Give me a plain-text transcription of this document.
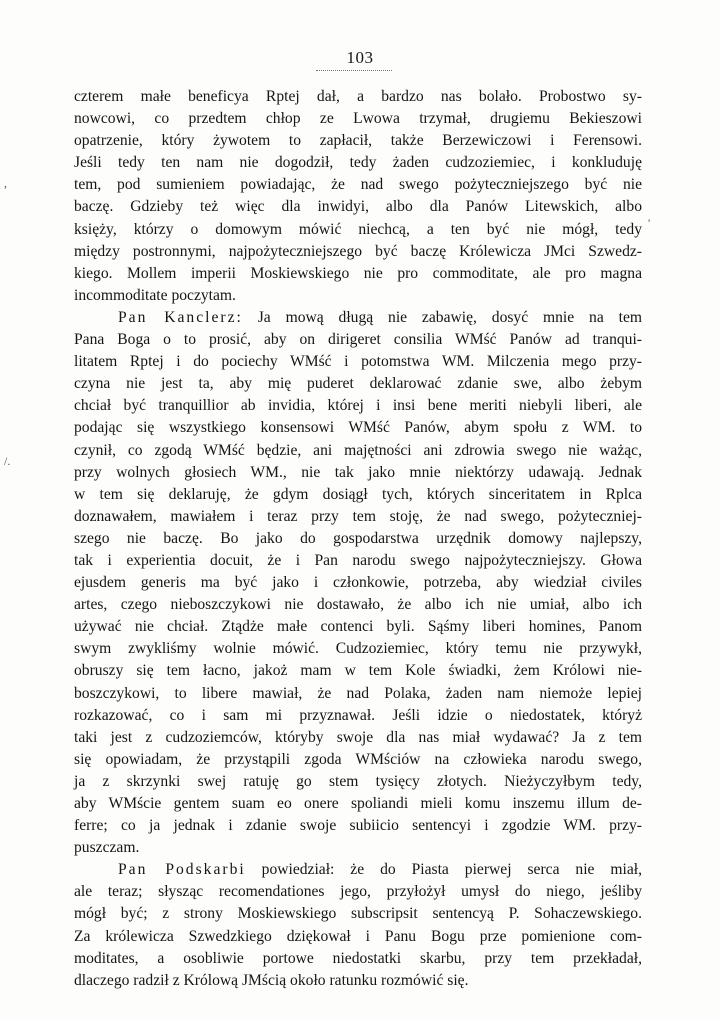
103
,
/.
'
czterem małe beneficya Rptej dał, a bardzo nas bolało. Probostwo sy-
nowcowi, co przedtem chłop ze Lwowa trzymał, drugiemu Bekieszowi
opatrzenie, który żywotem to zapłacił, także Berzewiczowi i Ferensowi.
Jeśli tedy ten nam nie dogodził, tedy żaden cudzoziemiec, i konkluduję
tem, pod sumieniem powiadając, że nad swego pożyteczniejszego być nie
baczę. Gdzieby też więc dla inwidyi, albo dla Panów Litewskich, albo
księży, którzy o domowym mówić niechcą, a ten być nie mógł, tedy
między postronnymi, najpożyteczniejszego być baczę Królewicza JMci Szwedz-
kiego. Mollem imperii Moskiewskiego nie pro commoditate, ale pro magna
incommoditate poczytam.
Pan Kanclerz: Ja mową długą nie zabawię, dosyć mnie na tem
Pana Boga o to prosić, aby on dirigeret consilia WMść Panów ad tranqui-
litatem Rptej i do pociechy WMść i potomstwa WM. Milczenia mego przy-
czyna nie jest ta, aby mię puderet deklarować zdanie swe, albo żebym
chciał być tranquillior ab invidia, której i insi bene meriti niebyli liberi, ale
podając się wszystkiego konsensowi WMść Panów, abym społu z WM. to
czynił, co zgodą WMść będzie, ani majętności ani zdrowia swego nie ważąc,
przy wolnych głosiech WM., nie tak jako mnie niektórzy udawają. Jednak
w tem się deklaruję, że gdym dosiągł tych, których sinceritatem in Rplca
doznawałem, mawiałem i teraz przy tem stoję, że nad swego, pożyteczniej-
szego nie baczę. Bo jako do gospodarstwa urzędnik domowy najlepszy,
tak i experientia docuit, że i Pan narodu swego najpożyteczniejszy. Głowa
ejusdem generis ma być jako i członkowie, potrzeba, aby wiedział civiles
artes, czego nieboszczykowi nie dostawało, że albo ich nie umiał, albo ich
używać nie chciał. Ztądże małe contenci byli. Sąśmy liberi homines, Panom
swym zwykliśmy wolnie mówić. Cudzoziemiec, który temu nie przywykł,
obruszy się tem łacno, jakoż mam w tem Kole świadki, żem Królowi nie-
boszczykowi, to libere mawiał, że nad Polaka, żaden nam niemoże lepiej
rozkazować, co i sam mi przyznawał. Jeśli idzie o niedostatek, któryż
taki jest z cudzoziemców, któryby swoje dla nas miał wydawać? Ja z tem
się opowiadam, że przystąpili zgoda WMściów na człowieka narodu swego,
ja z skrzynki swej ratuję go stem tysięcy złotych. Nieżyczyłbym tedy,
aby WMście gentem suam eo onere spoliandi mieli komu inszemu illum de-
ferre; co ja jednak i zdanie swoje subiicio sentencyi i zgodzie WM. przy-
puszczam.
Pan Podskarbi powiedział: że do Piasta pierwej serca nie miał,
ale teraz; słysząc recomendationes jego, przyłożył umysł do niego, jeśliby
mógł być; z strony Moskiewskiego subscripsit sentencyą P. Sohaczewskiego.
Za królewicza Szwedzkiego dziękował i Panu Bogu prze pomienione com-
moditates, a osobliwie portowe niedostatki skarbu, przy tem przekładał,
dlaczego radził z Królową JMścią około ratunku rozmówić się.
